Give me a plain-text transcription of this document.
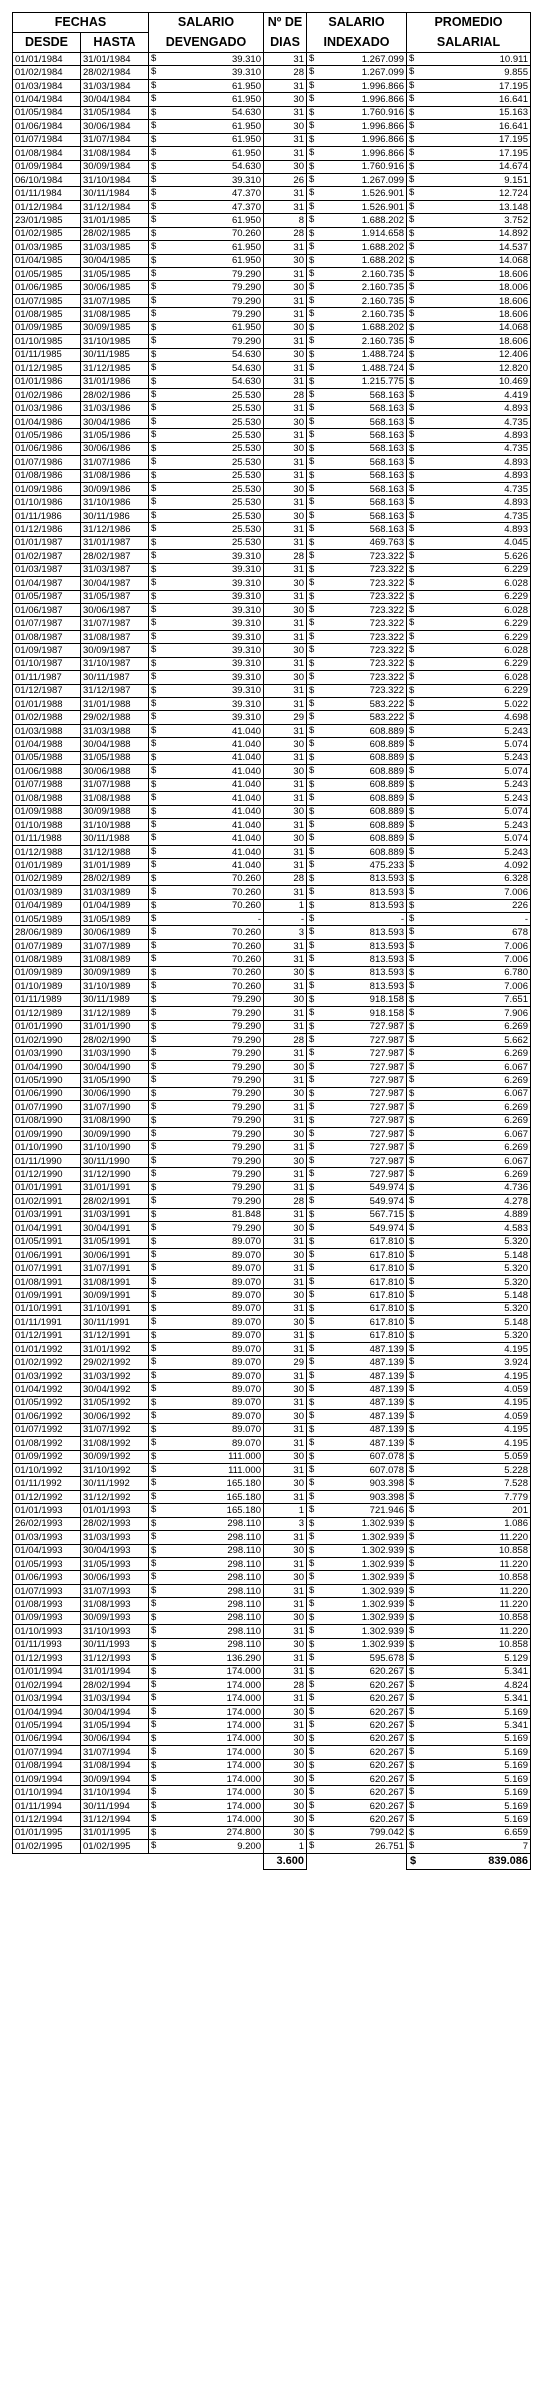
FECHAS		SALARIO	Nº DE	SALARIO	PROMEDIO
DESDE	HASTA	DEVENGADO	DIAS	INDEXADO	SALARIAL
01/01/1984	31/01/1984	$ 39.310	31	$ 1.267.099	$ 10.911

01/02/1984	28/02/1984	$ 39.310	28	$ 1.267.099	$ 9.855

01/03/1984	31/03/1984	$ 61.950	31	$ 1.996.866	$ 17.195

01/04/1984	30/04/1984	$ 61.950	30	$ 1.996.866	$ 16.641

01/05/1984	31/05/1984	$ 54.630	31	$ 1.760.916	$ 15.163

01/06/1984	30/06/1984	$ 61.950	30	$ 1.996.866	$ 16.641

01/07/1984	31/07/1984	$ 61.950	31	$ 1.996.866	$ 17.195

01/08/1984	31/08/1984	$ 61.950	31	$ 1.996.866	$ 17.195

01/09/1984	30/09/1984	$ 54.630	30	$ 1.760.916	$ 14.674

06/10/1984	31/10/1984	$ 39.310	26	$ 1.267.099	$ 9.151

01/11/1984	30/11/1984	$ 47.370	31	$ 1.526.901	$ 12.724

01/12/1984	31/12/1984	$ 47.370	31	$ 1.526.901	$ 13.148

23/01/1985	31/01/1985	$ 61.950	8	$ 1.688.202	$ 3.752

01/02/1985	28/02/1985	$ 70.260	28	$ 1.914.658	$ 14.892

01/03/1985	31/03/1985	$ 61.950	31	$ 1.688.202	$ 14.537

01/04/1985	30/04/1985	$ 61.950	30	$ 1.688.202	$ 14.068

01/05/1985	31/05/1985	$ 79.290	31	$ 2.160.735	$ 18.606

01/06/1985	30/06/1985	$ 79.290	30	$ 2.160.735	$ 18.006

01/07/1985	31/07/1985	$ 79.290	31	$ 2.160.735	$ 18.606

01/08/1985	31/08/1985	$ 79.290	31	$ 2.160.735	$ 18.606

01/09/1985	30/09/1985	$ 61.950	30	$ 1.688.202	$ 14.068

01/10/1985	31/10/1985	$ 79.290	31	$ 2.160.735	$ 18.606

01/11/1985	30/11/1985	$ 54.630	30	$ 1.488.724	$ 12.406

01/12/1985	31/12/1985	$ 54.630	31	$ 1.488.724	$ 12.820

01/01/1986	31/01/1986	$ 54.630	31	$ 1.215.775	$ 10.469

01/02/1986	28/02/1986	$ 25.530	28	$ 568.163	$ 4.419

01/03/1986	31/03/1986	$ 25.530	31	$ 568.163	$ 4.893

01/04/1986	30/04/1986	$ 25.530	30	$ 568.163	$ 4.735

01/05/1986	31/05/1986	$ 25.530	31	$ 568.163	$ 4.893

01/06/1986	30/06/1986	$ 25.530	30	$ 568.163	$ 4.735

01/07/1986	31/07/1986	$ 25.530	31	$ 568.163	$ 4.893

01/08/1986	31/08/1986	$ 25.530	31	$ 568.163	$ 4.893

01/09/1986	30/09/1986	$ 25.530	30	$ 568.163	$ 4.735

01/10/1986	31/10/1986	$ 25.530	31	$ 568.163	$ 4.893

01/11/1986	30/11/1986	$ 25.530	30	$ 568.163	$ 4.735

01/12/1986	31/12/1986	$ 25.530	31	$ 568.163	$ 4.893

01/01/1987	31/01/1987	$ 25.530	31	$ 469.763	$ 4.045

01/02/1987	28/02/1987	$ 39.310	28	$ 723.322	$ 5.626

01/03/1987	31/03/1987	$ 39.310	31	$ 723.322	$ 6.229

01/04/1987	30/04/1987	$ 39.310	30	$ 723.322	$ 6.028

01/05/1987	31/05/1987	$ 39.310	31	$ 723.322	$ 6.229

01/06/1987	30/06/1987	$ 39.310	30	$ 723.322	$ 6.028

01/07/1987	31/07/1987	$ 39.310	31	$ 723.322	$ 6.229

01/08/1987	31/08/1987	$ 39.310	31	$ 723.322	$ 6.229

01/09/1987	30/09/1987	$ 39.310	30	$ 723.322	$ 6.028

01/10/1987	31/10/1987	$ 39.310	31	$ 723.322	$ 6.229

01/11/1987	30/11/1987	$ 39.310	30	$ 723.322	$ 6.028

01/12/1987	31/12/1987	$ 39.310	31	$ 723.322	$ 6.229

01/01/1988	31/01/1988	$ 39.310	31	$ 583.222	$ 5.022

01/02/1988	29/02/1988	$ 39.310	29	$ 583.222	$ 4.698

01/03/1988	31/03/1988	$ 41.040	31	$ 608.889	$ 5.243

01/04/1988	30/04/1988	$ 41.040	30	$ 608.889	$ 5.074

01/05/1988	31/05/1988	$ 41.040	31	$ 608.889	$ 5.243

01/06/1988	30/06/1988	$ 41.040	30	$ 608.889	$ 5.074

01/07/1988	31/07/1988	$ 41.040	31	$ 608.889	$ 5.243

01/08/1988	31/08/1988	$ 41.040	31	$ 608.889	$ 5.243

01/09/1988	30/09/1988	$ 41.040	30	$ 608.889	$ 5.074

01/10/1988	31/10/1988	$ 41.040	31	$ 608.889	$ 5.243

01/11/1988	30/11/1988	$ 41.040	30	$ 608.889	$ 5.074

01/12/1988	31/12/1988	$ 41.040	31	$ 608.889	$ 5.243

01/01/1989	31/01/1989	$ 41.040	31	$ 475.233	$ 4.092

01/02/1989	28/02/1989	$ 70.260	28	$ 813.593	$ 6.328

01/03/1989	31/03/1989	$ 70.260	31	$ 813.593	$ 7.006

01/04/1989	01/04/1989	$ 70.260	1	$ 813.593	$ 226

01/05/1989	31/05/1989	$ -	-	$ -	$ -

28/06/1989	30/06/1989	$ 70.260	3	$ 813.593	$ 678

01/07/1989	31/07/1989	$ 70.260	31	$ 813.593	$ 7.006

01/08/1989	31/08/1989	$ 70.260	31	$ 813.593	$ 7.006

01/09/1989	30/09/1989	$ 70.260	30	$ 813.593	$ 6.780

01/10/1989	31/10/1989	$ 70.260	31	$ 813.593	$ 7.006

01/11/1989	30/11/1989	$ 79.290	30	$ 918.158	$ 7.651

01/12/1989	31/12/1989	$ 79.290	31	$ 918.158	$ 7.906

01/01/1990	31/01/1990	$ 79.290	31	$ 727.987	$ 6.269

01/02/1990	28/02/1990	$ 79.290	28	$ 727.987	$ 5.662

01/03/1990	31/03/1990	$ 79.290	31	$ 727.987	$ 6.269

01/04/1990	30/04/1990	$ 79.290	30	$ 727.987	$ 6.067

01/05/1990	31/05/1990	$ 79.290	31	$ 727.987	$ 6.269

01/06/1990	30/06/1990	$ 79.290	30	$ 727.987	$ 6.067

01/07/1990	31/07/1990	$ 79.290	31	$ 727.987	$ 6.269

01/08/1990	31/08/1990	$ 79.290	31	$ 727.987	$ 6.269

01/09/1990	30/09/1990	$ 79.290	30	$ 727.987	$ 6.067

01/10/1990	31/10/1990	$ 79.290	31	$ 727.987	$ 6.269

01/11/1990	30/11/1990	$ 79.290	30	$ 727.987	$ 6.067

01/12/1990	31/12/1990	$ 79.290	31	$ 727.987	$ 6.269

01/01/1991	31/01/1991	$ 79.290	31	$ 549.974	$ 4.736

01/02/1991	28/02/1991	$ 79.290	28	$ 549.974	$ 4.278

01/03/1991	31/03/1991	$ 81.848	31	$ 567.715	$ 4.889

01/04/1991	30/04/1991	$ 79.290	30	$ 549.974	$ 4.583

01/05/1991	31/05/1991	$ 89.070	31	$ 617.810	$ 5.320

01/06/1991	30/06/1991	$ 89.070	30	$ 617.810	$ 5.148

01/07/1991	31/07/1991	$ 89.070	31	$ 617.810	$ 5.320

01/08/1991	31/08/1991	$ 89.070	31	$ 617.810	$ 5.320

01/09/1991	30/09/1991	$ 89.070	30	$ 617.810	$ 5.148

01/10/1991	31/10/1991	$ 89.070	31	$ 617.810	$ 5.320

01/11/1991	30/11/1991	$ 89.070	30	$ 617.810	$ 5.148

01/12/1991	31/12/1991	$ 89.070	31	$ 617.810	$ 5.320

01/01/1992	31/01/1992	$ 89.070	31	$ 487.139	$ 4.195

01/02/1992	29/02/1992	$ 89.070	29	$ 487.139	$ 3.924

01/03/1992	31/03/1992	$ 89.070	31	$ 487.139	$ 4.195

01/04/1992	30/04/1992	$ 89.070	30	$ 487.139	$ 4.059

01/05/1992	31/05/1992	$ 89.070	31	$ 487.139	$ 4.195

01/06/1992	30/06/1992	$ 89.070	30	$ 487.139	$ 4.059

01/07/1992	31/07/1992	$ 89.070	31	$ 487.139	$ 4.195

01/08/1992	31/08/1992	$ 89.070	31	$ 487.139	$ 4.195

01/09/1992	30/09/1992	$ 111.000	30	$ 607.078	$ 5.059

01/10/1992	31/10/1992	$ 111.000	31	$ 607.078	$ 5.228

01/11/1992	30/11/1992	$ 165.180	30	$ 903.398	$ 7.528

01/12/1992	31/12/1992	$ 165.180	31	$ 903.398	$ 7.779

01/01/1993	01/01/1993	$ 165.180	1	$ 721.946	$ 201

26/02/1993	28/02/1993	$ 298.110	3	$ 1.302.939	$ 1.086

01/03/1993	31/03/1993	$ 298.110	31	$ 1.302.939	$ 11.220

01/04/1993	30/04/1993	$ 298.110	30	$ 1.302.939	$ 10.858

01/05/1993	31/05/1993	$ 298.110	31	$ 1.302.939	$ 11.220

01/06/1993	30/06/1993	$ 298.110	30	$ 1.302.939	$ 10.858

01/07/1993	31/07/1993	$ 298.110	31	$ 1.302.939	$ 11.220

01/08/1993	31/08/1993	$ 298.110	31	$ 1.302.939	$ 11.220

01/09/1993	30/09/1993	$ 298.110	30	$ 1.302.939	$ 10.858

01/10/1993	31/10/1993	$ 298.110	31	$ 1.302.939	$ 11.220

01/11/1993	30/11/1993	$ 298.110	30	$ 1.302.939	$ 10.858

01/12/1993	31/12/1993	$ 136.290	31	$ 595.678	$ 5.129

01/01/1994	31/01/1994	$ 174.000	31	$ 620.267	$ 5.341

01/02/1994	28/02/1994	$ 174.000	28	$ 620.267	$ 4.824

01/03/1994	31/03/1994	$ 174.000	31	$ 620.267	$ 5.341

01/04/1994	30/04/1994	$ 174.000	30	$ 620.267	$ 5.169

01/05/1994	31/05/1994	$ 174.000	31	$ 620.267	$ 5.341

01/06/1994	30/06/1994	$ 174.000	30	$ 620.267	$ 5.169

01/07/1994	31/07/1994	$ 174.000	30	$ 620.267	$ 5.169

01/08/1994	31/08/1994	$ 174.000	30	$ 620.267	$ 5.169

01/09/1994	30/09/1994	$ 174.000	30	$ 620.267	$ 5.169

01/10/1994	31/10/1994	$ 174.000	30	$ 620.267	$ 5.169

01/11/1994	30/11/1994	$ 174.000	30	$ 620.267	$ 5.169

01/12/1994	31/12/1994	$ 174.000	30	$ 620.267	$ 5.169

01/01/1995	31/01/1995	$ 274.800	30	$ 799.042	$ 6.659

01/02/1995	01/02/1995	$ 9.200	1	$ 26.751	$ 7

			3.600		$ 839.086
